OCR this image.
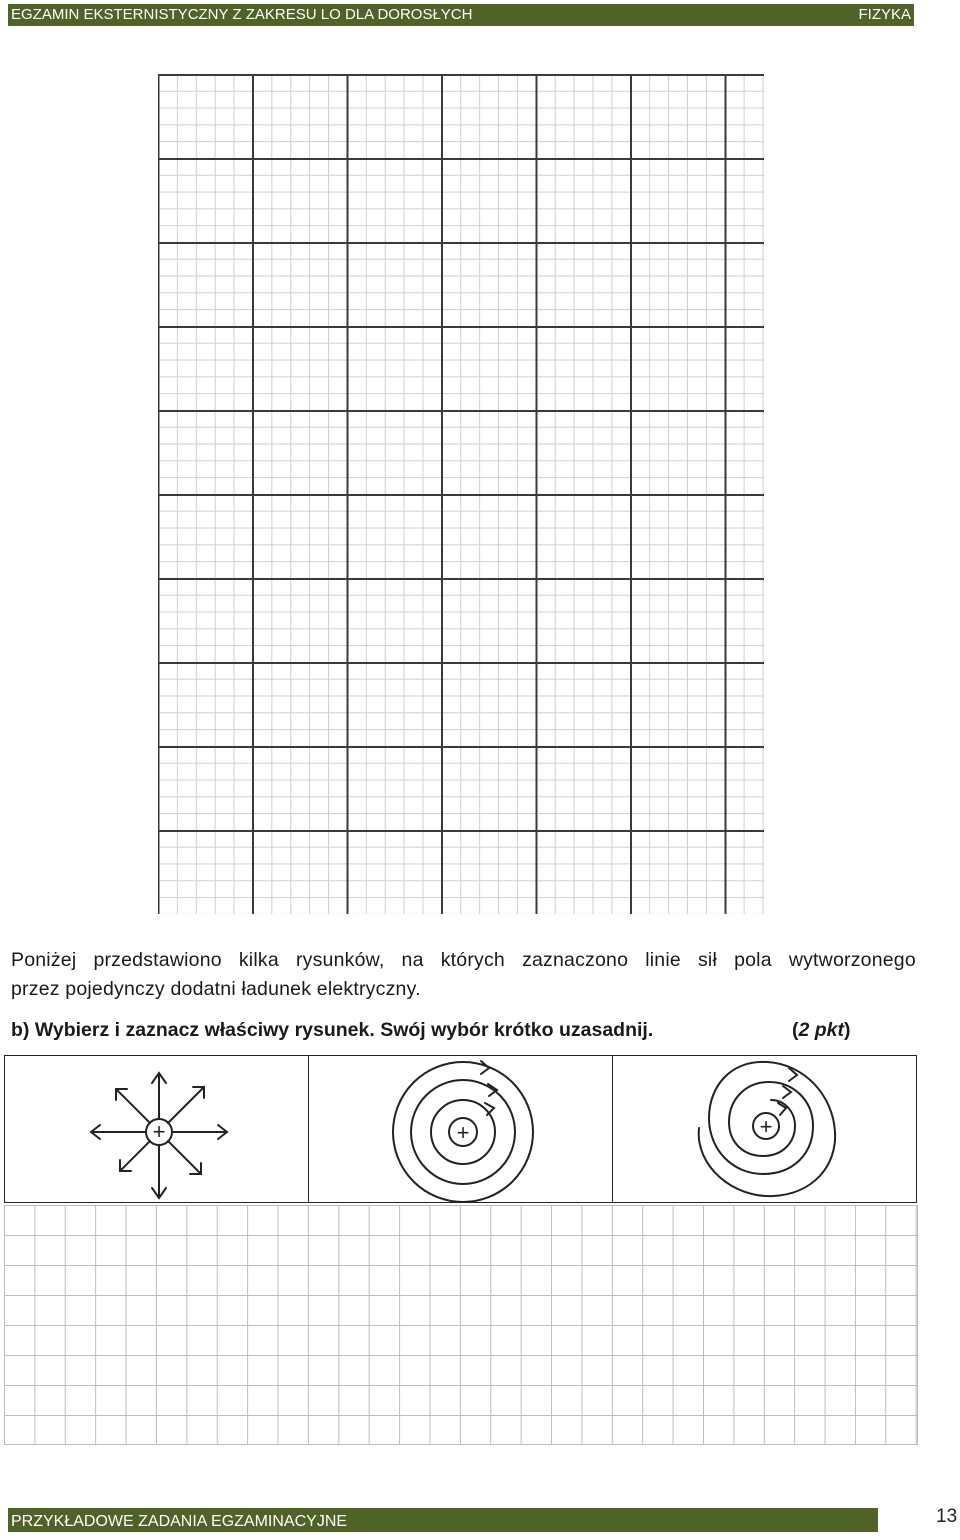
EGZAMIN EKSTERNISTYCZNY Z ZAKRESU LO DLA DOROSŁYCH	FIZYKA
Poniżej przedstawiono kilka rysunków, na których zaznaczono linie sił pola wytworzonego
przez pojedynczy dodatni ładunek elektryczny.
b) Wybierz i zaznacz właściwy rysunek. Swój wybór krótko uzasadnij.	(2 pkt)
+	+	+
PRZYKŁADOWE ZADANIA EGZAMINACYJNE	13
